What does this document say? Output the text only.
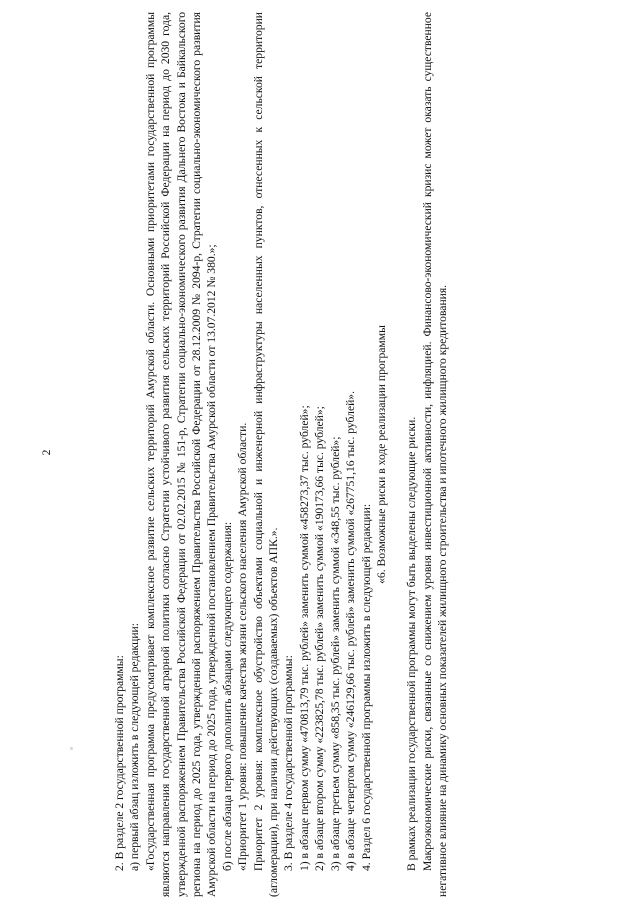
2

2. В разделе 2 государственной программы: а) первый абзац изложить в следующей редакции: «Государственная программа предусматривает комплексное развитие сельских территорий Амурской области. Основными приоритетами государственной программы являются направления государственной аграрной политики согласно Стратегии устойчивого развития сельских территорий Российской Федерации на период до 2030 года, утвержденной распоряжением Правительства Российской Федерации от 02.02.2015 № 151-р, Стратегии социально-экономического развития Дальнего Востока и Байкальского региона на период до 2025 года, утвержденной распоряжением Правительства Российской Федерации от 28.12.2009 № 2094-р, Стратегии социально-экономического развития Амурской области на период до 2025 года, утвержденной постановлением Правительства Амурской области от 13.07.2012 № 380.»; б) после абзаца первого дополнить абзацами следующего содержания: «Приоритет 1 уровня: повышение качества жизни сельского населения Амурской области. Приоритет 2 уровня: комплексное обустройство объектами социальной и инженерной инфраструктуры населенных пунктов, отнесенных к сельской территории (агломерации), при наличии действующих (создаваемых) объектов АПК.». 3. В разделе 4 государственной программы: 1) в абзаце первом сумму «470813,79 тыс. рублей» заменить суммой «458273,37 тыс. рублей»; 2) в абзаце втором сумму «223825,78 тыс. рублей» заменить суммой «190173,66 тыс. рублей»; 3) в абзаце третьем сумму «858,35 тыс. рублей» заменить суммой «348,55 тыс. рублей»; 4) в абзаце четвертом сумму «246129,66 тыс. рублей» заменить суммой «267751,16 тыс. рублей». 4. Раздел 6 государственной программы изложить в следующей редакции:

«6. Возможные риски в ходе реализации программы В рамках реализации государственной программы могут быть выделены следующие риски. Макроэкономические риски, связанные со снижением уровня инвестиционной активности, инфляцией. Финансово-экономический кризис может оказать существенное негативное влияние на динамику основных показателей жилищного строительства и ипотечного жилищного кредитования.
